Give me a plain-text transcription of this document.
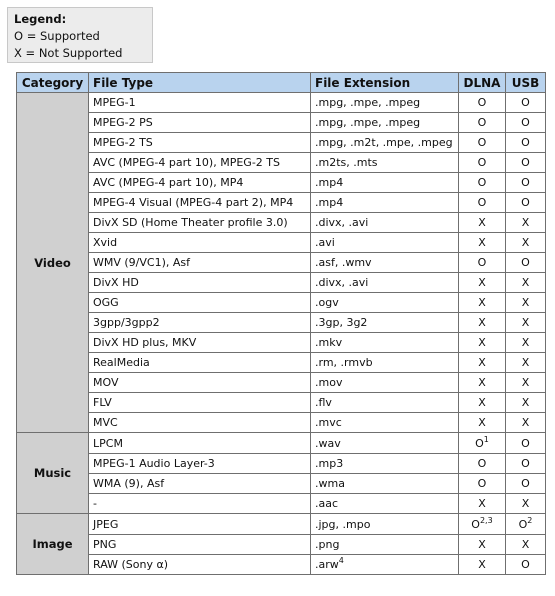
Legend:
O = Supported
X = Not Supported
Category	File Type	File Extension	DLNA	USB
Video	MPEG-1	.mpg, .mpe, .mpeg	O	O
	MPEG-2 PS	.mpg, .mpe, .mpeg	O	O
	MPEG-2 TS	.mpg, .m2t, .mpe, .mpeg	O	O
	AVC (MPEG-4 part 10), MPEG-2 TS	.m2ts, .mts	O	O
	AVC (MPEG-4 part 10), MP4	.mp4	O	O
	MPEG-4 Visual (MPEG-4 part 2), MP4	.mp4	O	O
	DivX SD (Home Theater profile 3.0)	.divx, .avi	X	X
	Xvid	.avi	X	X
	WMV (9/VC1), Asf	.asf, .wmv	O	O
	DivX HD	.divx, .avi	X	X
	OGG	.ogv	X	X
	3gpp/3gpp2	.3gp, 3g2	X	X
	DivX HD plus, MKV	.mkv	X	X
	RealMedia	.rm, .rmvb	X	X
	MOV	.mov	X	X
	FLV	.flv	X	X
	MVC	.mvc	X	X
Music	LPCM	.wav	$O^1$	O
	MPEG-1 Audio Layer-3	.mp3	O	O
	WMA (9), Asf	.wma	O	O
	-	.aac	X	X
Image	JPEG	.jpg, .mpo	O$^{2,3}$	$O^2$
	PNG	.png	X	X
	RAW (Sony α)	.arw$^4$	X	O
